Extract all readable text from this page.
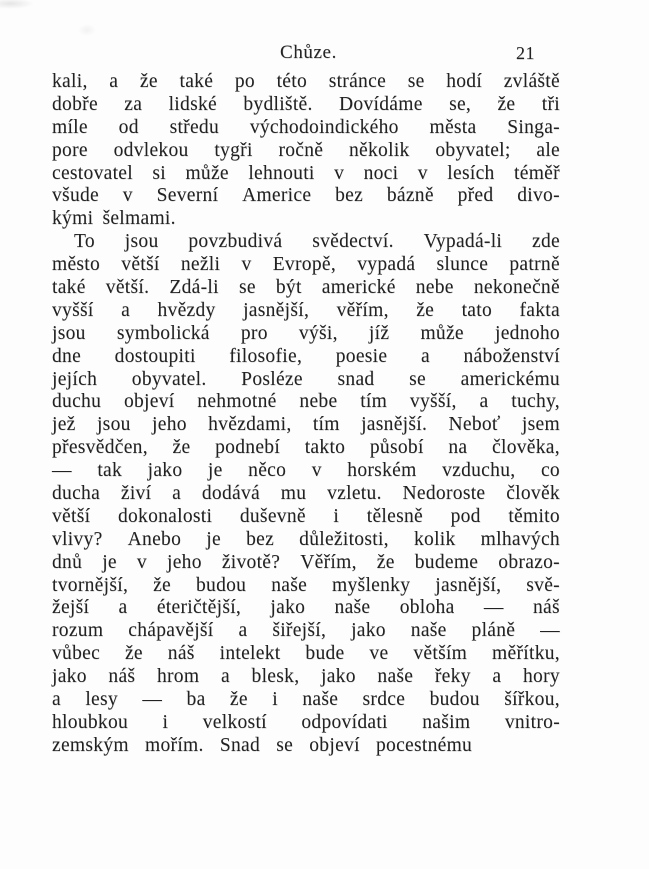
Chůze.	21
kali, a že také po této stránce se hodí zvláště
dobře za lidské bydliště. Dovídáme se, že tři
míle od středu východoindického města Singa-
pore odvlekou tygři ročně několik obyvatel; ale
cestovatel si může lehnouti v noci v lesích téměř
všude v Severní Americe bez bázně před divo-
kými šelmami.
To jsou povzbudivá svědectví. Vypadá-li zde
město větší nežli v Evropě, vypadá slunce patrně
také větší. Zdá-li se být americké nebe nekonečně
vyšší a hvězdy jasnější, věřím, že tato fakta
jsou symbolická pro výši, jíž může jednoho
dne dostoupiti filosofie, poesie a náboženství
jejích obyvatel. Posléze snad se americkému
duchu objeví nehmotné nebe tím vyšší, a tuchy,
jež jsou jeho hvězdami, tím jasnější. Neboť jsem
přesvědčen, že podnebí takto působí na člověka,
— tak jako je něco v horském vzduchu, co
ducha živí a dodává mu vzletu. Nedoroste člověk
větší dokonalosti duševně i tělesně pod těmito
vlivy? Anebo je bez důležitosti, kolik mlhavých
dnů je v jeho životě? Věřím, že budeme obrazo-
tvornější, že budou naše myšlenky jasnější, svě-
žejší a éteričtější, jako naše obloha — náš
rozum chápavější a šiřejší, jako naše pláně —
vůbec že náš intelekt bude ve větším měřítku,
jako náš hrom a blesk, jako naše řeky a hory
a lesy — ba že i naše srdce budou šířkou,
hloubkou i velkostí odpovídati našim vnitro-
zemským mořím. Snad se objeví pocestnému
